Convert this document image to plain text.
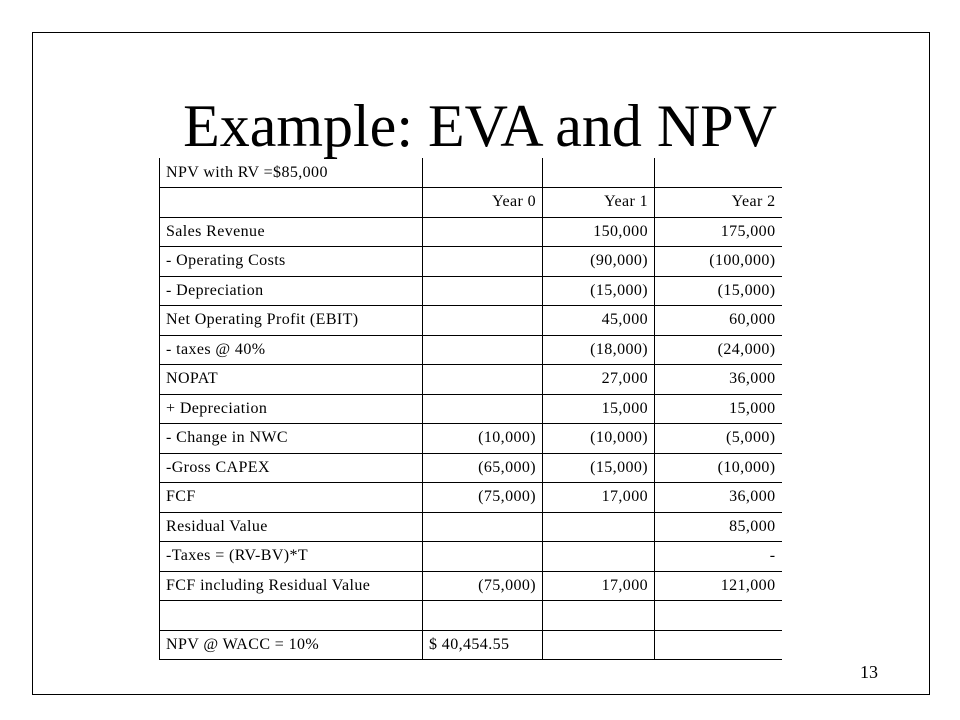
Example: EVA and NPV
NPV with RV =$85,000			
	Year 0	Year 1	Year 2
Sales Revenue		150,000	175,000
- Operating Costs		(90,000)	(100,000)
- Depreciation		(15,000)	(15,000)
Net Operating Profit (EBIT)		45,000	60,000
- taxes @ 40%		(18,000)	(24,000)
NOPAT		27,000	36,000
+ Depreciation		15,000	15,000
- Change in NWC	(10,000)	(10,000)	(5,000)
-Gross CAPEX	(65,000)	(15,000)	(10,000)
FCF	(75,000)	17,000	36,000
Residual Value			85,000
-Taxes = (RV-BV)*T			-
FCF including Residual Value	(75,000)	17,000	121,000

NPV @ WACC = 10%	$ 40,454.55		
13
